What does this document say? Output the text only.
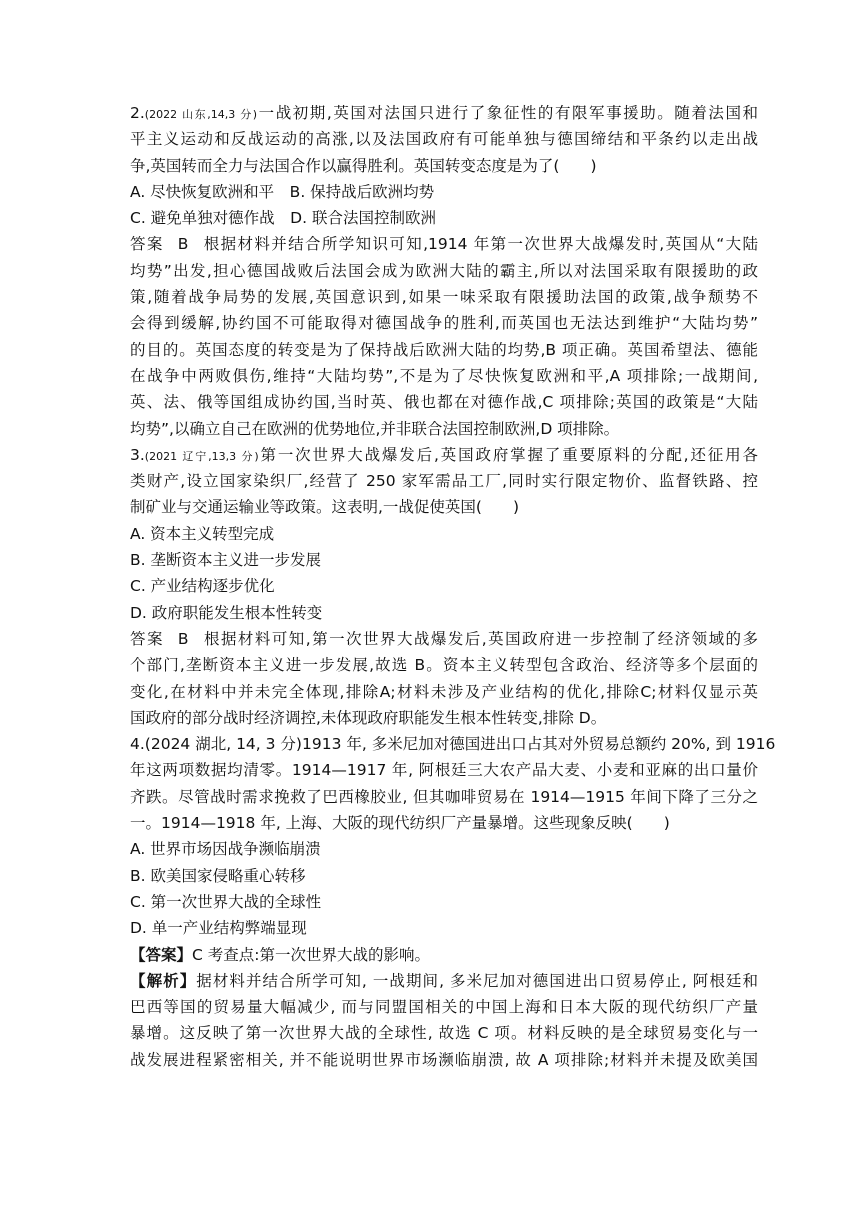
2.(2022 山东,14,3 分)一战初期,英国对法国只进行了象征性的有限军事援助。随着法国和
平主义运动和反战运动的高涨,以及法国政府有可能单独与德国缔结和平条约以走出战
争,英国转而全力与法国合作以赢得胜利。英国转变态度是为了(　　)
A. 尽快恢复欧洲和平　B. 保持战后欧洲均势
C. 避免单独对德作战　D. 联合法国控制欧洲
答案 B 根据材料并结合所学知识可知,1914 年第一次世界大战爆发时,英国从“大陆
均势”出发,担心德国战败后法国会成为欧洲大陆的霸主,所以对法国采取有限援助的政
策,随着战争局势的发展,英国意识到,如果一味采取有限援助法国的政策,战争颓势不
会得到缓解,协约国不可能取得对德国战争的胜利,而英国也无法达到维护“大陆均势”
的目的。英国态度的转变是为了保持战后欧洲大陆的均势,B 项正确。英国希望法、德能
在战争中两败俱伤,维持“大陆均势”,不是为了尽快恢复欧洲和平,A 项排除;一战期间,
英、法、俄等国组成协约国,当时英、俄也都在对德作战,C 项排除;英国的政策是“大陆
均势”,以确立自己在欧洲的优势地位,并非联合法国控制欧洲,D 项排除。
3.(2021 辽宁,13,3 分)第一次世界大战爆发后,英国政府掌握了重要原料的分配,还征用各
类财产,设立国家染织厂,经营了 250 家军需品工厂,同时实行限定物价、监督铁路、控
制矿业与交通运输业等政策。这表明,一战促使英国(　　)
A. 资本主义转型完成
B. 垄断资本主义进一步发展
C. 产业结构逐步优化
D. 政府职能发生根本性转变
答案 B 根据材料可知,第一次世界大战爆发后,英国政府进一步控制了经济领域的多
个部门,垄断资本主义进一步发展,故选 B。资本主义转型包含政治、经济等多个层面的
变化,在材料中并未完全体现,排除A;材料未涉及产业结构的优化,排除C;材料仅显示英
国政府的部分战时经济调控,未体现政府职能发生根本性转变,排除 D。
4.(2024 湖北, 14, 3 分)1913 年, 多米尼加对德国进出口占其对外贸易总额约 20%, 到 1916
年这两项数据均清零。1914—1917 年, 阿根廷三大农产品大麦、小麦和亚麻的出口量价
齐跌。尽管战时需求挽救了巴西橡胶业, 但其咖啡贸易在 1914—1915 年间下降了三分之
一。1914—1918 年, 上海、大阪的现代纺织厂产量暴增。这些现象反映(　　)
A. 世界市场因战争濒临崩溃
B. 欧美国家侵略重心转移
C. 第一次世界大战的全球性
D. 单一产业结构弊端显现
【答案】C 考查点:第一次世界大战的影响。
【解析】据材料并结合所学可知, 一战期间, 多米尼加对德国进出口贸易停止, 阿根廷和
巴西等国的贸易量大幅减少, 而与同盟国相关的中国上海和日本大阪的现代纺织厂产量
暴增。这反映了第一次世界大战的全球性, 故选 C 项。材料反映的是全球贸易变化与一
战发展进程紧密相关, 并不能说明世界市场濒临崩溃, 故 A 项排除;材料并未提及欧美国
